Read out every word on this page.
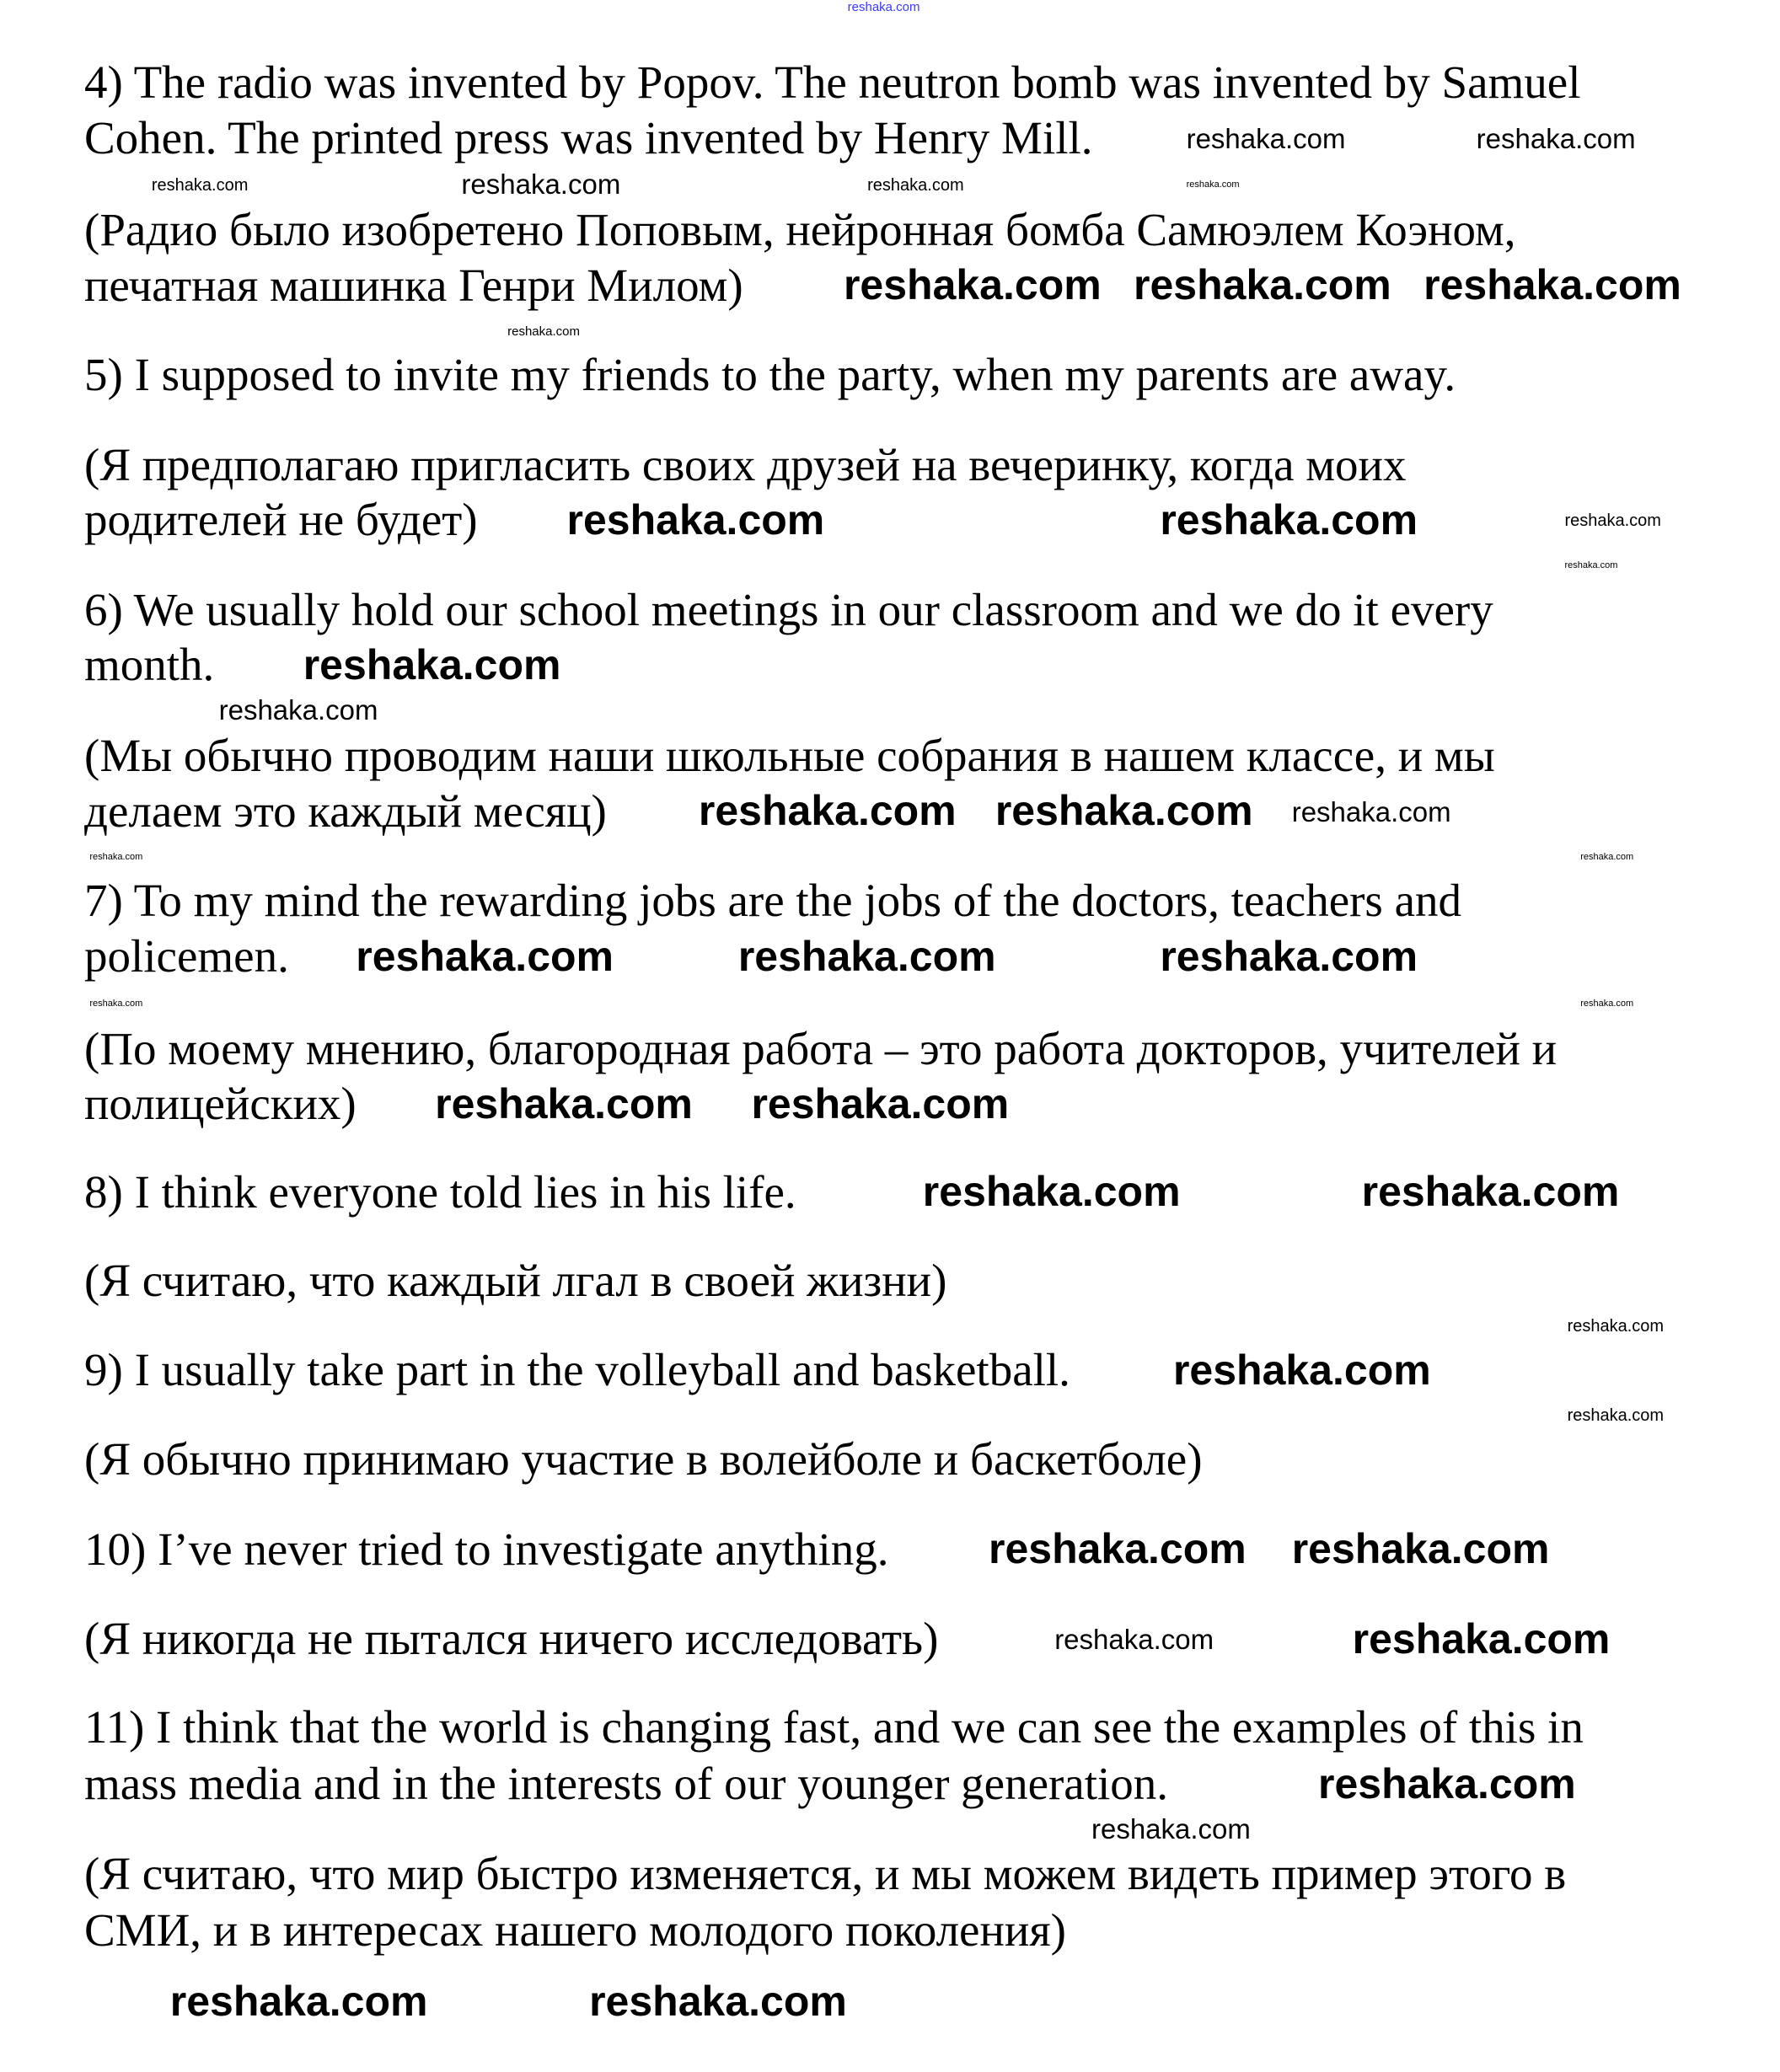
4) The radio was invented by Popov. The neutron bomb was invented by Samuel
Cohen. The printed press was invented by Henry Mill.
(Радио было изобретено Поповым, нейронная бомба Самюэлем Коэном,
печатная машинка Генри Милом)
5) I supposed to invite my friends to the party, when my parents are away.
(Я предполагаю пригласить своих друзей на вечеринку, когда моих
родителей не будет)
6) We usually hold our school meetings in our classroom and we do it every
month.
(Мы обычно проводим наши школьные собрания в нашем классе, и мы
делаем это каждый месяц)
7) To my mind the rewarding jobs are the jobs of the doctors, teachers and
policemen.
(По моему мнению, благородная работа – это работа докторов, учителей и
полицейских)
8) I think everyone told lies in his life.
(Я считаю, что каждый лгал в своей жизни)
9) I usually take part in the volleyball and basketball.
(Я обычно принимаю участие в волейболе и баскетболе)
10) I’ve never tried to investigate anything.
(Я никогда не пытался ничего исследовать)
11) I think that the world is changing fast, and we can see the examples of this in
mass media and in the interests of our younger generation.
(Я считаю, что мир быстро изменяется, и мы можем видеть пример этого в
СМИ, и в интересах нашего молодого поколения)
reshaka.com
reshaka.com	reshaka.com	reshaka.com	reshaka.com
reshaka.com	reshaka.com
reshaka.com reshaka.com reshaka.com
reshaka.com
reshaka.com	reshaka.com	reshaka.com
reshaka.com
reshaka.com
reshaka.com
reshaka.com reshaka.com reshaka.com
reshaka.com
reshaka.com
reshaka.com	reshaka.com	reshaka.com
reshaka.com	reshaka.com
reshaka.com reshaka.com
reshaka.com	reshaka.com
reshaka.com
reshaka.com
reshaka.com
reshaka.com reshaka.com
reshaka.com	reshaka.com
reshaka.com
reshaka.com
reshaka.com	reshaka.com
